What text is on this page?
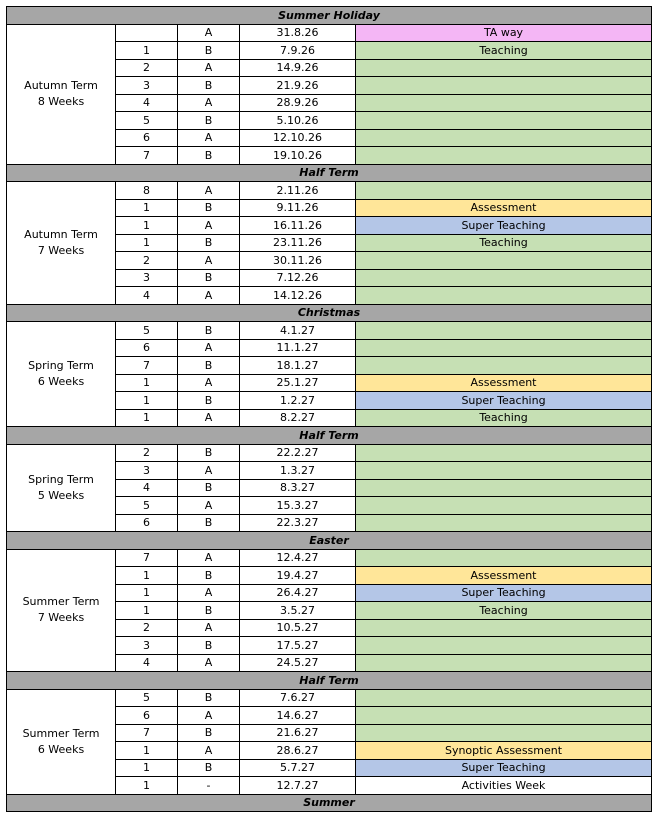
Summer Holiday				
Autumn Term
8 Weeks		A	31.8.26	TA way
	1	B	7.9.26	Teaching
	2	A	14.9.26	
	3	B	21.9.26	
	4	A	28.9.26	
	5	B	5.10.26	
	6	A	12.10.26	
	7	B	19.10.26	
Half Term				
Autumn Term
7 Weeks	8	A	2.11.26	
	1	B	9.11.26	Assessment
	1	A	16.11.26	Super Teaching
	1	B	23.11.26	Teaching
	2	A	30.11.26	
	3	B	7.12.26	
	4	A	14.12.26	
Christmas				
Spring Term
6 Weeks	5	B	4.1.27	
	6	A	11.1.27	
	7	B	18.1.27	
	1	A	25.1.27	Assessment
	1	B	1.2.27	Super Teaching
	1	A	8.2.27	Teaching
Half Term				
Spring Term
5 Weeks	2	B	22.2.27	
	3	A	1.3.27	
	4	B	8.3.27	
	5	A	15.3.27	
	6	B	22.3.27	
Easter				
Summer Term
7 Weeks	7	A	12.4.27	
	1	B	19.4.27	Assessment
	1	A	26.4.27	Super Teaching
	1	B	3.5.27	Teaching
	2	A	10.5.27	
	3	B	17.5.27	
	4	A	24.5.27	
Half Term				
Summer Term
6 Weeks	5	B	7.6.27	
	6	A	14.6.27	
	7	B	21.6.27	
	1	A	28.6.27	Synoptic Assessment
	1	B	5.7.27	Super Teaching
	1	-	12.7.27	Activities Week
Summer				
